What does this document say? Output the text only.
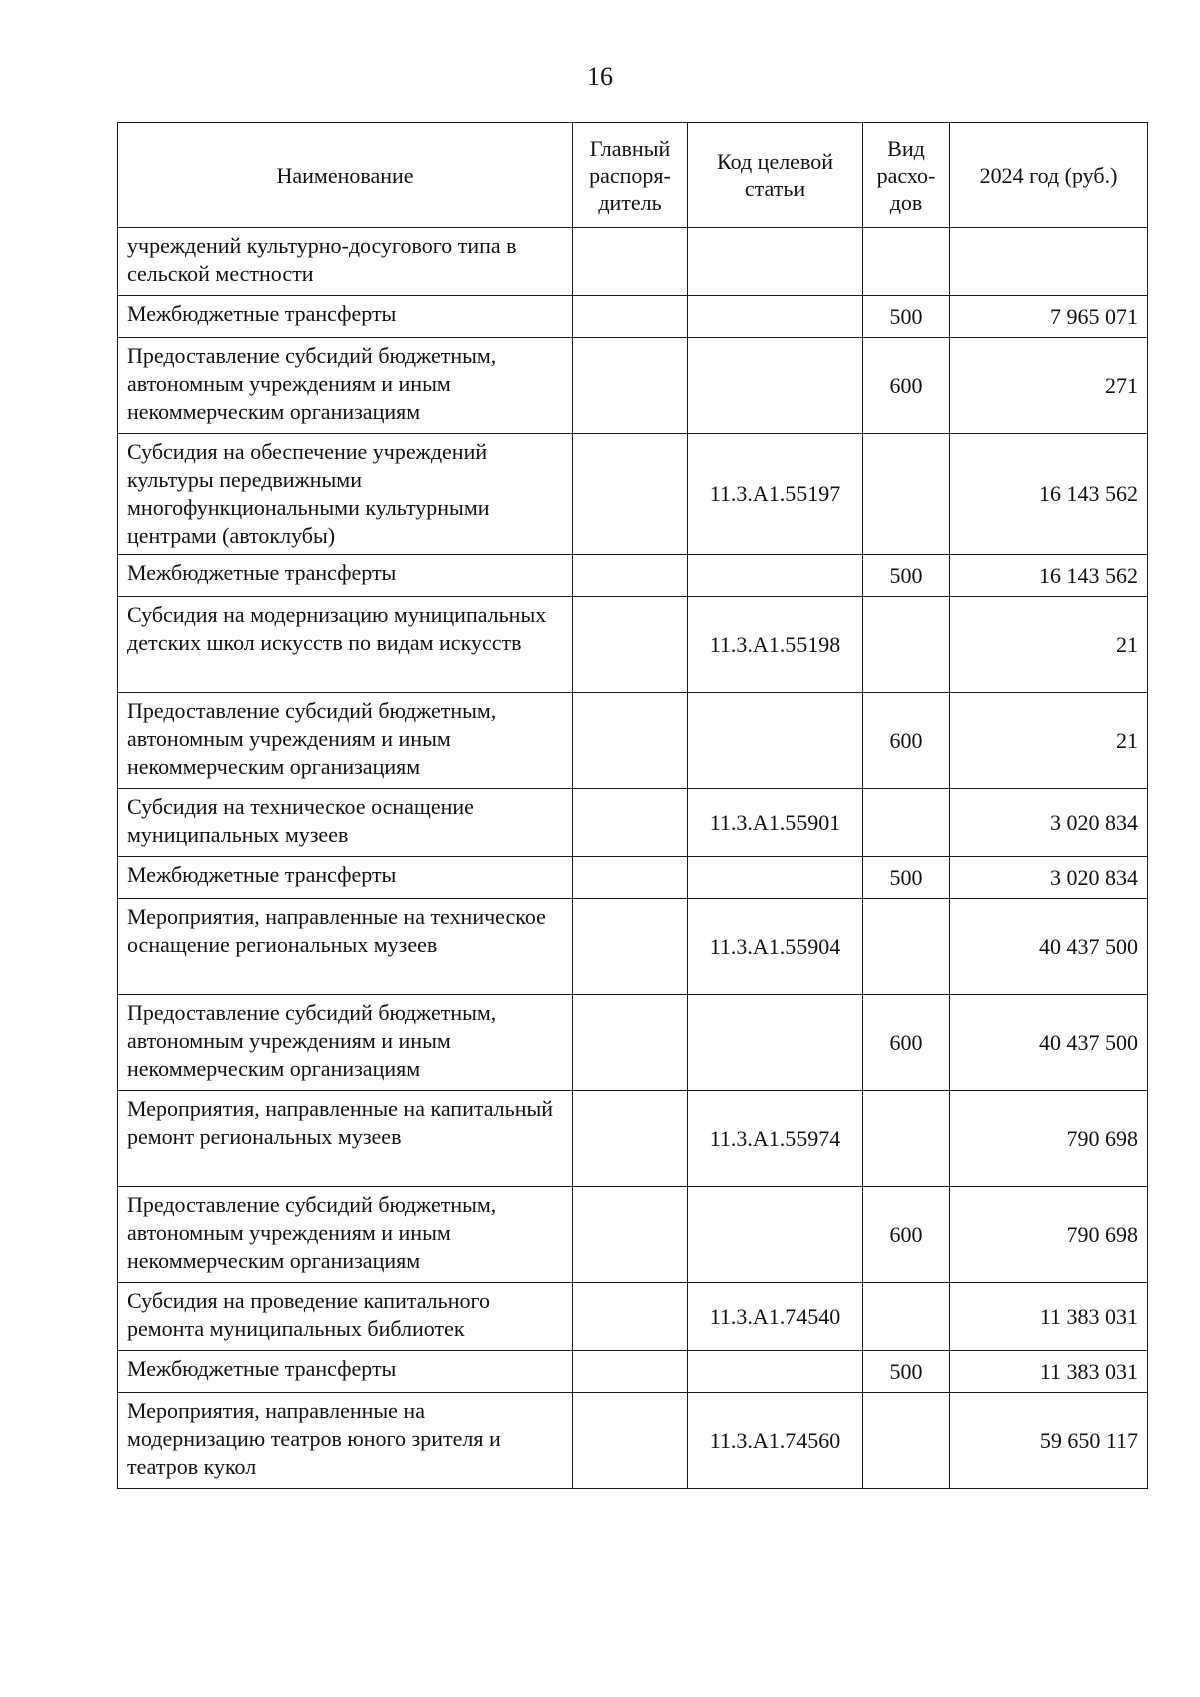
16
Наименование	Главный распоря-дитель	Код целевой статьи	Вид расхо-дов	2024 год (руб.)
учреждений культурно-досугового типа в сельской местности				
Межбюджетные трансферты			500	7 965 071
Предоставление субсидий бюджетным, автономным учреждениям и иным некоммерческим организациям			600	271
Субсидия на обеспечение учреждений культуры передвижными многофункциональными культурными центрами (автоклубы)		11.3.A1.55197		16 143 562
Межбюджетные трансферты			500	16 143 562
Субсидия на модернизацию муниципальных детских школ искусств по видам искусств		11.3.A1.55198		21
Предоставление субсидий бюджетным, автономным учреждениям и иным некоммерческим организациям			600	21
Субсидия на техническое оснащение муниципальных музеев		11.3.A1.55901		3 020 834
Межбюджетные трансферты			500	3 020 834
Мероприятия, направленные на техническое оснащение региональных музеев		11.3.A1.55904		40 437 500
Предоставление субсидий бюджетным, автономным учреждениям и иным некоммерческим организациям			600	40 437 500
Мероприятия, направленные на капитальный ремонт региональных музеев		11.3.A1.55974		790 698
Предоставление субсидий бюджетным, автономным учреждениям и иным некоммерческим организациям			600	790 698
Субсидия на проведение капитального ремонта муниципальных библиотек		11.3.A1.74540		11 383 031
Межбюджетные трансферты			500	11 383 031
Мероприятия, направленные на модернизацию театров юного зрителя и театров кукол		11.3.A1.74560		59 650 117
